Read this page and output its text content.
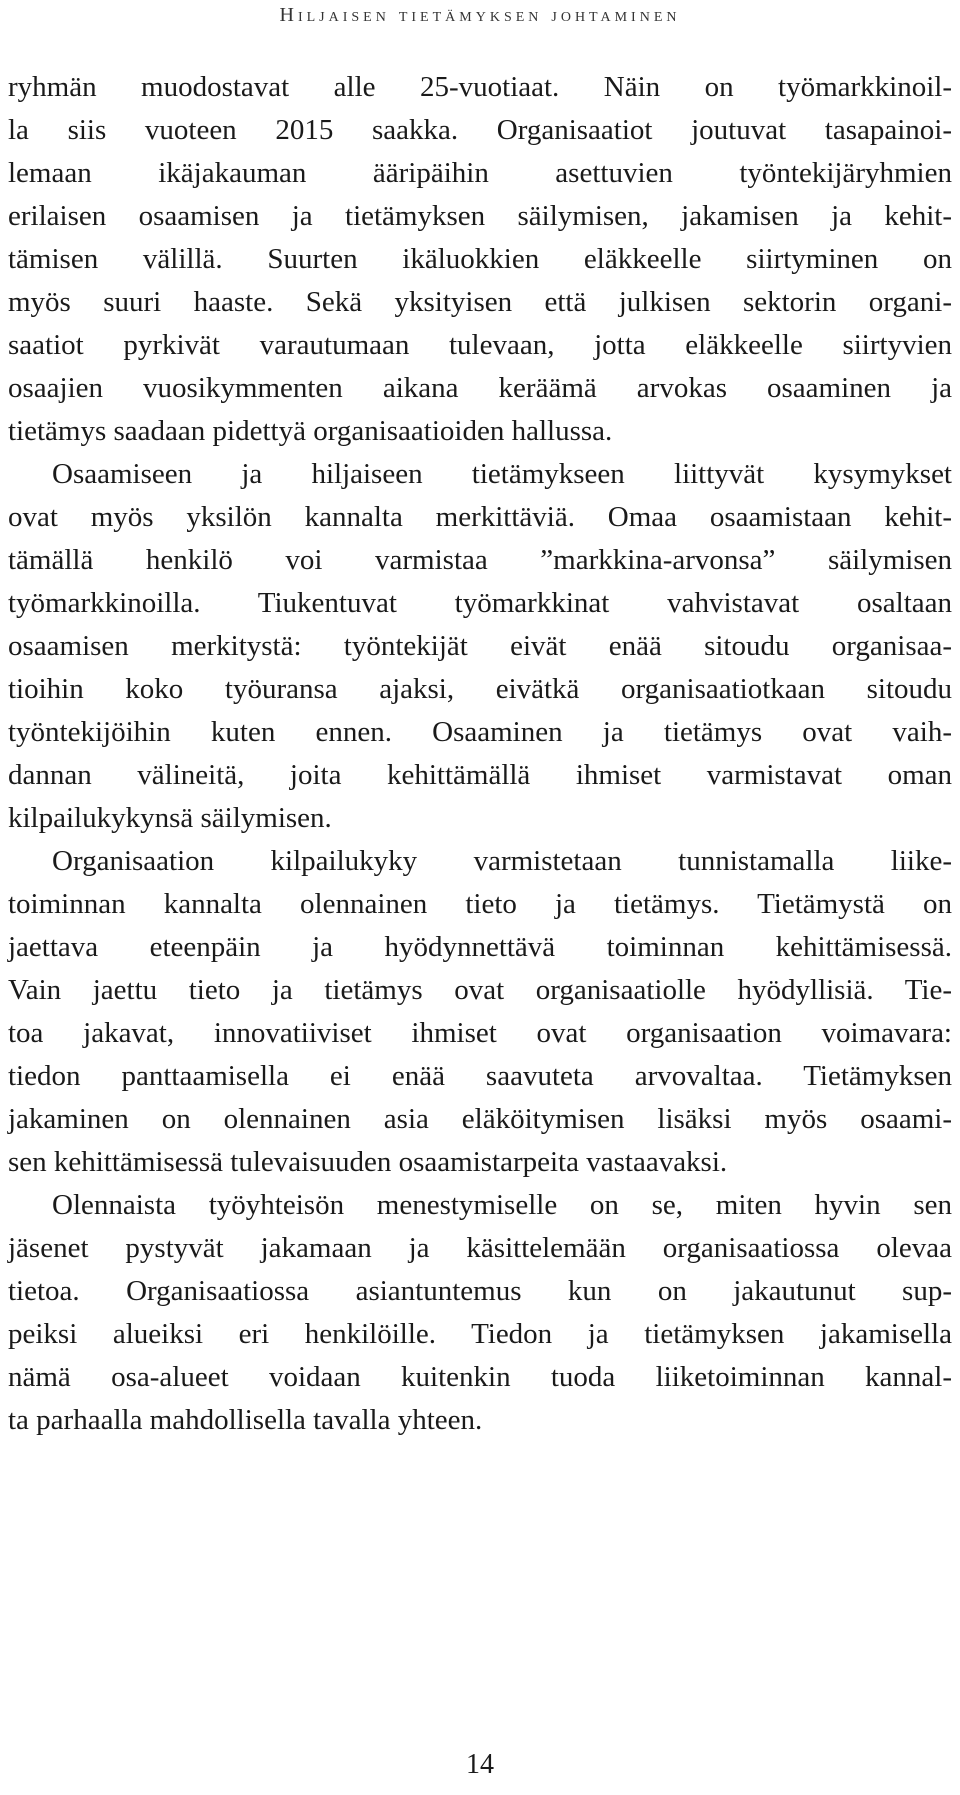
Hiljaisen tietämyksen johtaminen
ryhmän muodostavat alle 25-vuotiaat. Näin on työmarkkinoil-
la siis vuoteen 2015 saakka. Organisaatiot joutuvat tasapainoi-
lemaan ikäjakauman ääripäihin asettuvien työntekijäryhmien
erilaisen osaamisen ja tietämyksen säilymisen, jakamisen ja kehit-
tämisen välillä. Suurten ikäluokkien eläkkeelle siirtyminen on
myös suuri haaste. Sekä yksityisen että julkisen sektorin organi-
saatiot pyrkivät varautumaan tulevaan, jotta eläkkeelle siirtyvien
osaajien vuosikymmenten aikana keräämä arvokas osaaminen ja
tietämys saadaan pidettyä organisaatioiden hallussa.
Osaamiseen ja hiljaiseen tietämykseen liittyvät kysymykset
ovat myös yksilön kannalta merkittäviä. Omaa osaamistaan kehit-
tämällä henkilö voi varmistaa ”markkina-arvonsa” säilymisen
työmarkkinoilla. Tiukentuvat työmarkkinat vahvistavat osaltaan
osaamisen merkitystä: työntekijät eivät enää sitoudu organisaa-
tioihin koko työuransa ajaksi, eivätkä organisaatiotkaan sitoudu
työntekijöihin kuten ennen. Osaaminen ja tietämys ovat vaih-
dannan välineitä, joita kehittämällä ihmiset varmistavat oman
kilpailukykynsä säilymisen.
Organisaation kilpailukyky varmistetaan tunnistamalla liike-
toiminnan kannalta olennainen tieto ja tietämys. Tietämystä on
jaettava eteenpäin ja hyödynnettävä toiminnan kehittämisessä.
Vain jaettu tieto ja tietämys ovat organisaatiolle hyödyllisiä. Tie-
toa jakavat, innovatiiviset ihmiset ovat organisaation voimavara:
tiedon panttaamisella ei enää saavuteta arvovaltaa. Tietämyksen
jakaminen on olennainen asia eläköitymisen lisäksi myös osaami-
sen kehittämisessä tulevaisuuden osaamistarpeita vastaavaksi.
Olennaista työyhteisön menestymiselle on se, miten hyvin sen
jäsenet pystyvät jakamaan ja käsittelemään organisaatiossa olevaa
tietoa. Organisaatiossa asiantuntemus kun on jakautunut sup-
peiksi alueiksi eri henkilöille. Tiedon ja tietämyksen jakamisella
nämä osa-alueet voidaan kuitenkin tuoda liiketoiminnan kannal-
ta parhaalla mahdollisella tavalla yhteen.
14
